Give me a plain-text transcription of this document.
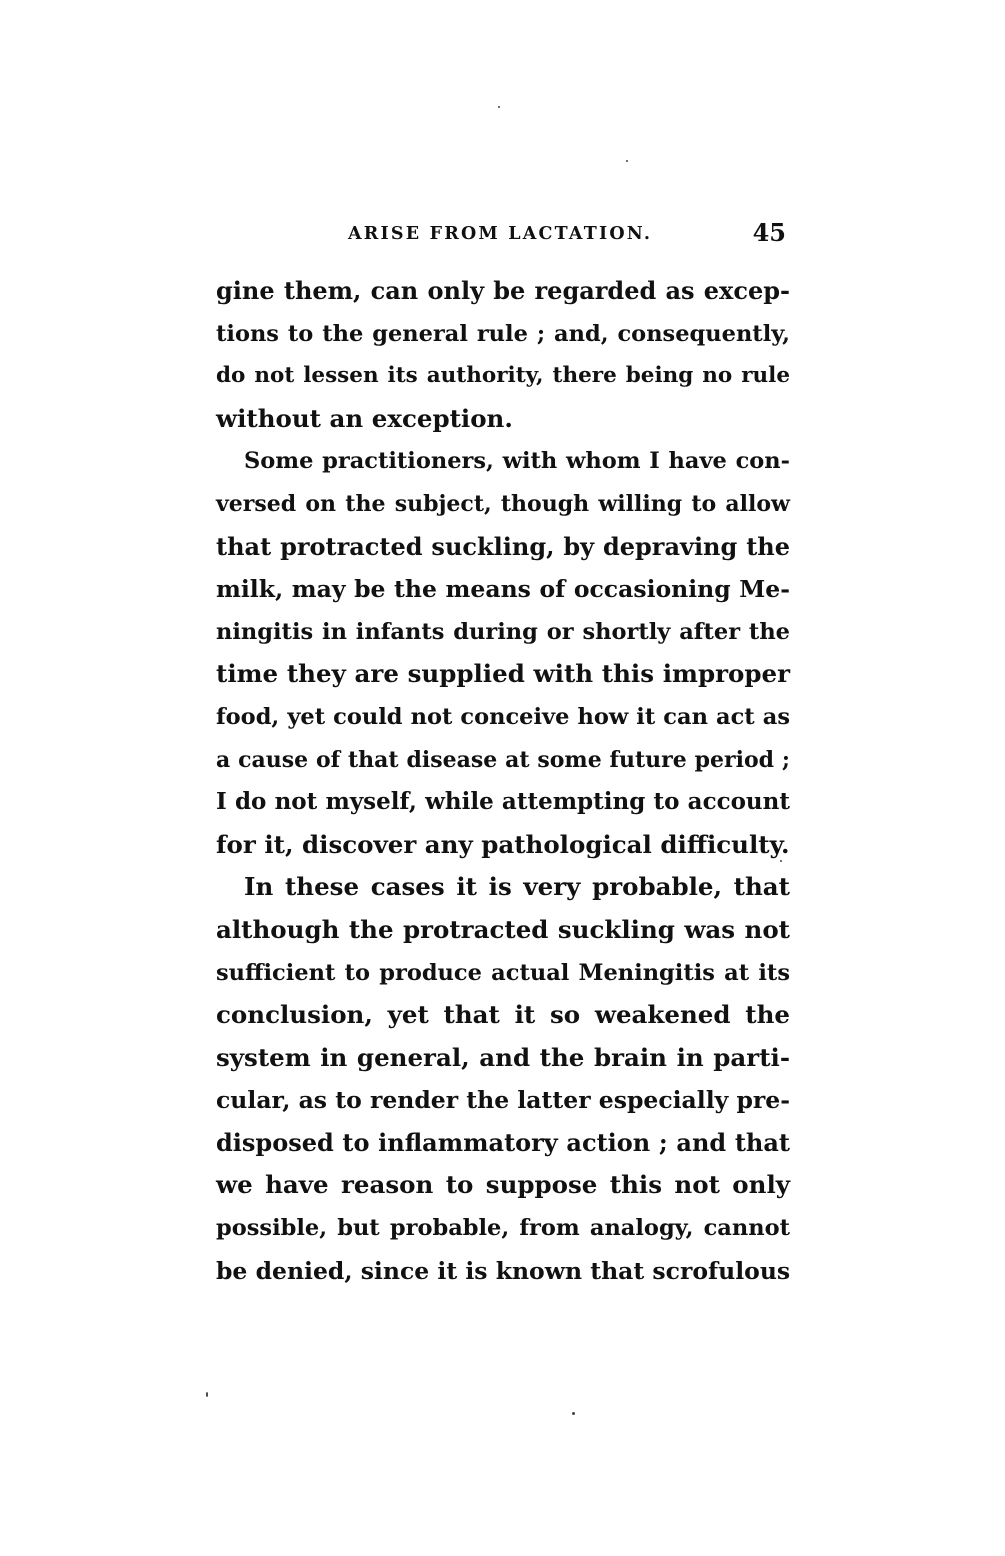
ARISE FROM LACTATION.	45
gine them, can only be regarded as excep-
tions to the general rule ; and, consequently,
do not lessen its authority, there being no rule
without an exception.
Some practitioners, with whom I have con-
versed on the subject, though willing to allow
that protracted suckling, by depraving the
milk, may be the means of occasioning Me-
ningitis in infants during or shortly after the
time they are supplied with this improper
food, yet could not conceive how it can act as
a cause of that disease at some future period ;
I do not myself, while attempting to account
for it, discover any pathological difficulty.
In these cases it is very probable, that
although the protracted suckling was not
sufficient to produce actual Meningitis at its
conclusion, yet that it so weakened the
system in general, and the brain in parti-
cular, as to render the latter especially pre-
disposed to inflammatory action ; and that
we have reason to suppose this not only
possible, but probable, from analogy, cannot
be denied, since it is known that scrofulous
